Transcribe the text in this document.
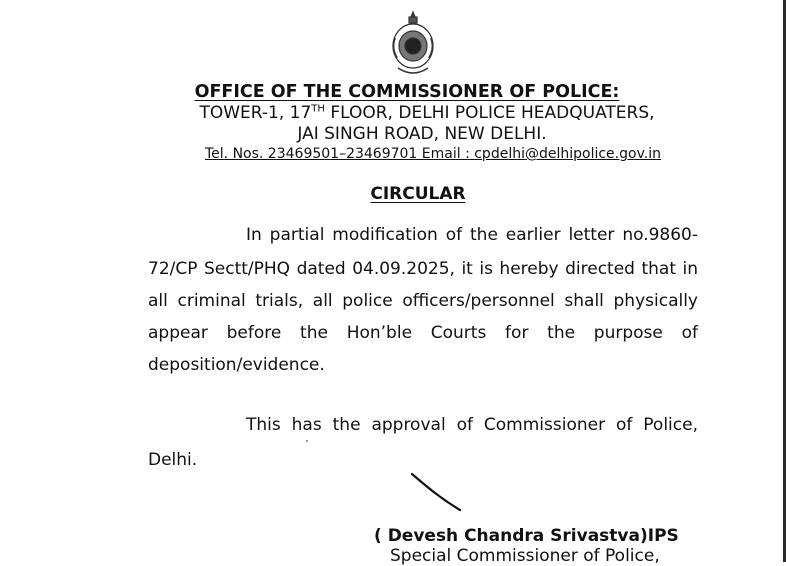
OFFICE OF THE COMMISSIONER OF POLICE:
TOWER-1, 17TH FLOOR, DELHI POLICE HEADQUATERS,
JAI SINGH ROAD, NEW DELHI.
Tel. Nos. 23469501–23469701 Email : cpdelhi@delhipolice.gov.in
CIRCULAR
In partial modification of the earlier letter no.9860-
72/CP Sectt/PHQ dated 04.09.2025, it is hereby directed that in
all criminal trials, all police officers/personnel shall physically
appear before the Hon’ble Courts for the purpose of
deposition/evidence.
This has the approval of Commissioner of Police,
Delhi.
( Devesh Chandra Srivastva)IPS
Special Commissioner of Police,
